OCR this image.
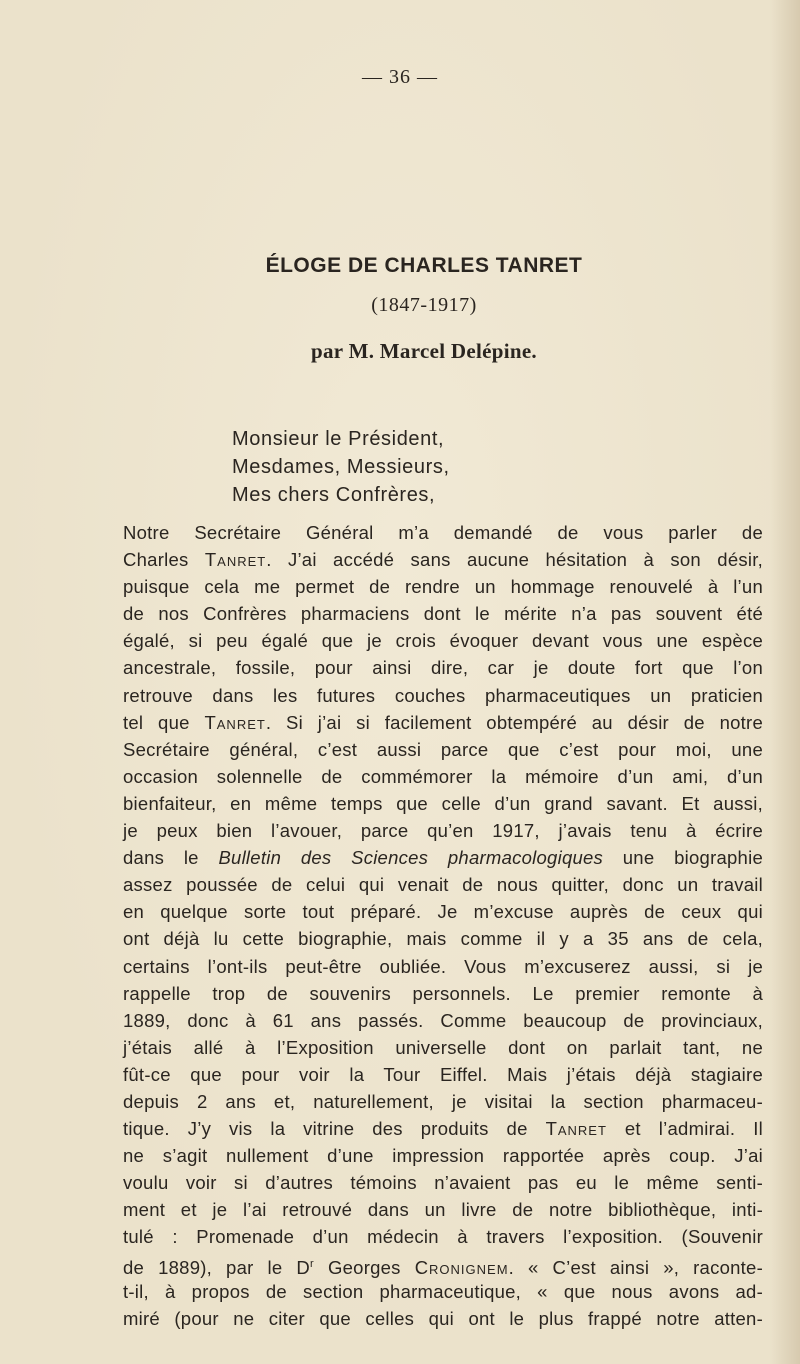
— 36 —
ÉLOGE DE CHARLES TANRET
(1847-1917)
par M. Marcel Delépine.
Monsieur le Président,
Mesdames, Messieurs,
Mes chers Confrères,
Notre Secrétaire Général m’a demandé de vous parler de
Charles Tanret. J’ai accédé sans aucune hésitation à son désir,
puisque cela me permet de rendre un hommage renouvelé à l’un
de nos Confrères pharmaciens dont le mérite n’a pas souvent été
égalé, si peu égalé que je crois évoquer devant vous une espèce
ancestrale, fossile, pour ainsi dire, car je doute fort que l’on
retrouve dans les futures couches pharmaceutiques un praticien
tel que Tanret. Si j’ai si facilement obtempéré au désir de notre
Secrétaire général, c’est aussi parce que c’est pour moi, une
occasion solennelle de commémorer la mémoire d’un ami, d’un
bienfaiteur, en même temps que celle d’un grand savant. Et aussi,
je peux bien l’avouer, parce qu’en 1917, j’avais tenu à écrire
dans le Bulletin des Sciences pharmacologiques une biographie
assez poussée de celui qui venait de nous quitter, donc un travail
en quelque sorte tout préparé. Je m’excuse auprès de ceux qui
ont déjà lu cette biographie, mais comme il y a 35 ans de cela,
certains l’ont-ils peut-être oubliée. Vous m’excuserez aussi, si je
rappelle trop de souvenirs personnels. Le premier remonte à
1889, donc à 61 ans passés. Comme beaucoup de provinciaux,
j’étais allé à l’Exposition universelle dont on parlait tant, ne
fût-ce que pour voir la Tour Eiffel. Mais j’étais déjà stagiaire
depuis 2 ans et, naturellement, je visitai la section pharmaceu-
tique. J’y vis la vitrine des produits de Tanret et l’admirai. Il
ne s’agit nullement d’une impression rapportée après coup. J’ai
voulu voir si d’autres témoins n’avaient pas eu le même senti-
ment et je l’ai retrouvé dans un livre de notre bibliothèque, inti-
tulé : Promenade d’un médecin à travers l’exposition. (Souvenir
de 1889), par le $D^r$ Georges Cronignem. « C’est ainsi », raconte-
t-il, à propos de section pharmaceutique, « que nous avons ad-
miré (pour ne citer que celles qui ont le plus frappé notre atten-
